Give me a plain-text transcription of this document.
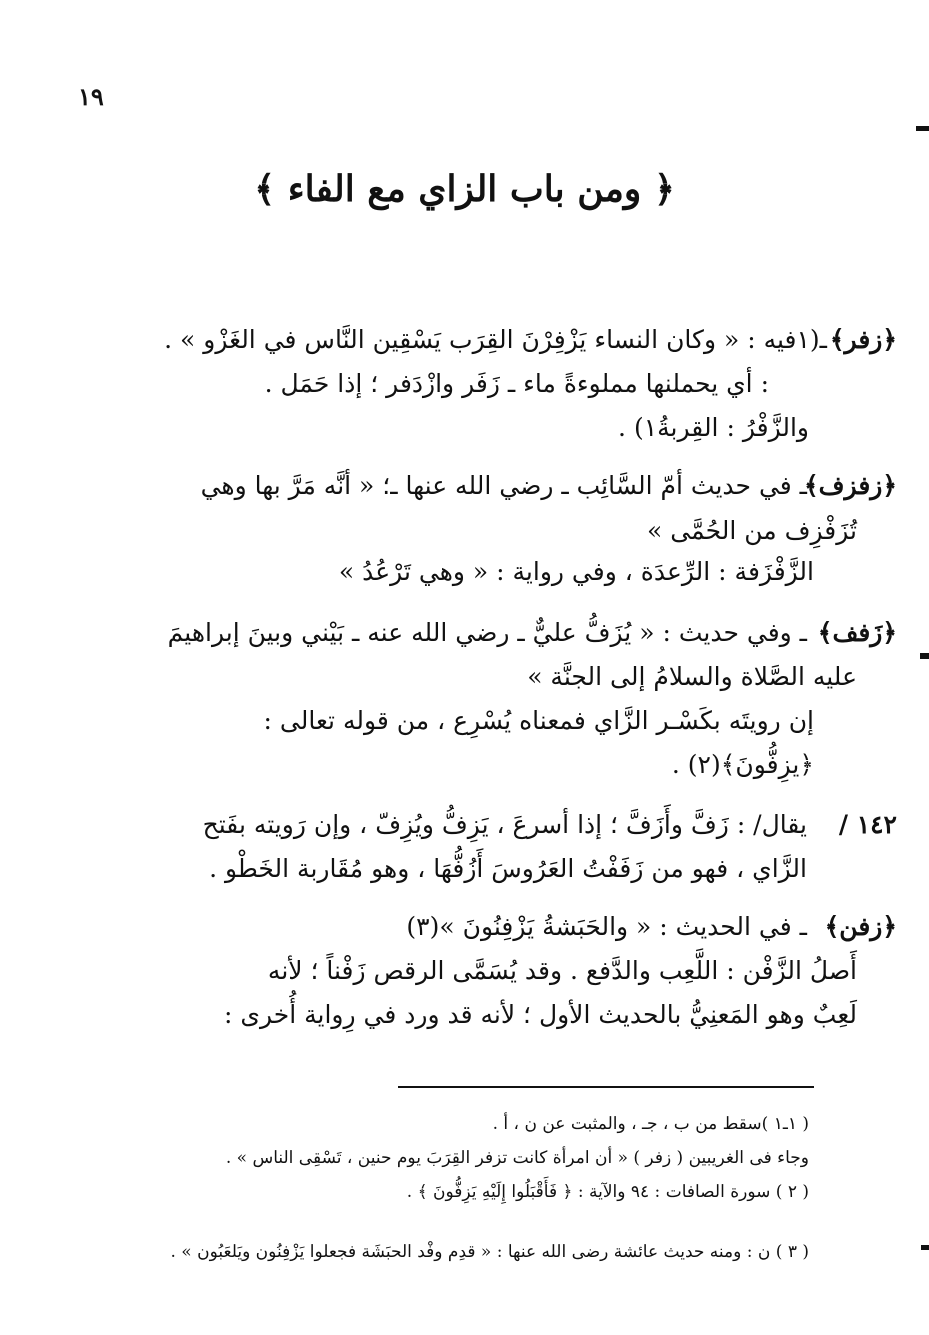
١٩
﴿ ومن باب الزاي مع الفاء ﴾
﴿زفر﴾
ـ(١فيه : « وكان النساء يَزْفِرْنَ القِرَب يَسْقِين النَّاس في الغَزْو » .
: أي يحملنها مملوءةً ماء ـ زَفَر وازْدَفر ؛ إذا حَمَل .
والزَّفْرُ : القِربةُ١) .
﴿زفزف﴾
ـ في حديث أمّ السَّائِب ـ رضي الله عنها ـ؛ « أنَّه مَرَّ بها وهي
تُزَفْزِف من الحُمَّى »
الزَّفْزَفة : الرِّعدَة ، وفي رواية : « وهي تَرْعُدُ »
﴿زَفف﴾
ـ وفي حديث : « يُزَفُّ عليٌّ ـ رضي الله عنه ـ بَيْني وبينَ إبراهيمَ
عليه الصَّلاة والسلامُ إلى الجنَّة »
إن رويتَه بكَسْـر الزَّاي فمعناه يُسْرِع ، من قوله تعالى :
﴿يزِفُّونَ﴾(٢) .
١٤٢ /
يقال/ : زَفَّ وأَزَفَّ ؛ إذا أسرعَ ، يَزِفُّ ويُزِفّ ، وإن رَويته بفَتح
الزَّاي ، فهو من زَفَفْتُ العَرُوسَ أَزُفُّهَا ، وهو مُقَاربة الخَطْو .
﴿زفن﴾
ـ في الحديث : « والحَبَشةُ يَزْفِنُونَ »(٣)
أَصلُ الزَّفْن : اللَّعِب والدَّفع . وقد يُسَمَّى الرقص زَفْناً ؛ لأنه
لَعِبٌ وهو المَعنِيُّ بالحديث الأول ؛ لأنه قد ورد في رِواية أُخرى :
( ١ـ١ )سقط من ب ، جـ ، والمثبت عن ن ، أ .
وجاء فى الغريبين ( زفر ) « أن امرأة كانت تزفر القِرَبَ يوم حنين ، تَسْقِى الناس » .
( ٢ ) سورة الصافات : ٩٤ والآية : ﴿ فَأَقْبَلُوا إِلَيْهِ يَزِفُّونَ ﴾ .
( ٣ ) ن : ومنه حديث عائشة رضى الله عنها : « قدِم وفْد الحبَشَة فجعلوا يَزْفِنُون ويَلعَبُون » .
